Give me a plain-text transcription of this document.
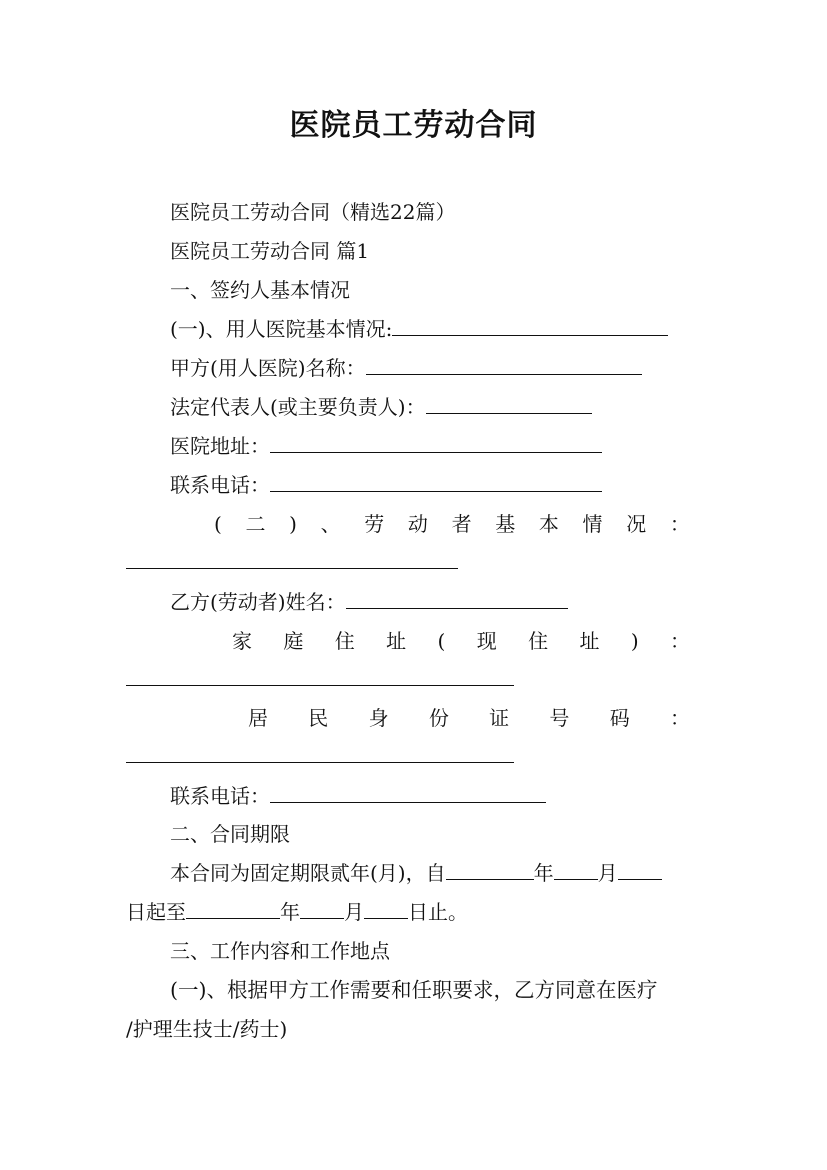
医院员工劳动合同
医院员工劳动合同（精选22篇）
医院员工劳动合同 篇1
一、签约人基本情况
(一)、用人医院基本情况:
甲方(用人医院)名称：
法定代表人(或主要负责人)：
医院地址：
联系电话：
( 二 ) 、 劳 动 者 基 本 情 况 ：
乙方(劳动者)姓名：
家 庭 住 址 ( 现 住 址 ) ：
居 民 身 份 证 号 码 ：
联系电话：
二、合同期限
本合同为固定期限贰年(月)，自	年 月
日起至	年 月 日止。
三、工作内容和工作地点
(一)、根据甲方工作需要和任职要求，乙方同意在医疗
/护理生技士/药士)
